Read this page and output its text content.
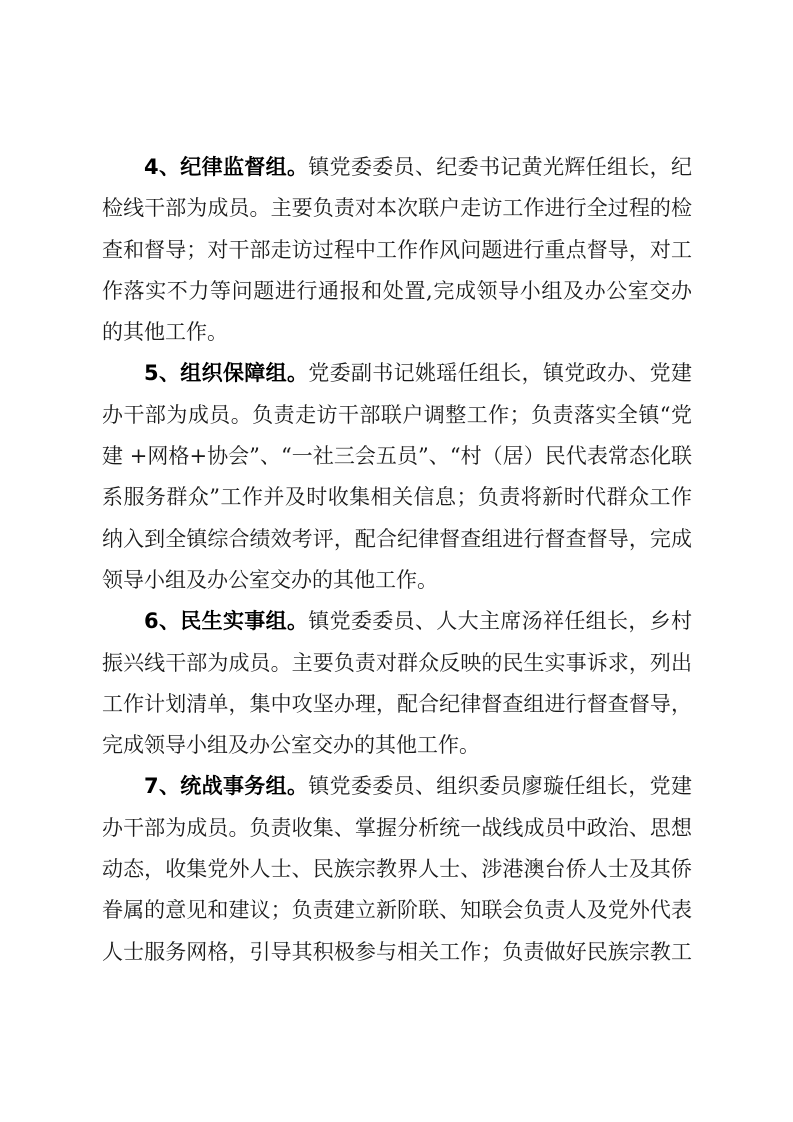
4、纪律监督组。镇党委委员、纪委书记黄光辉任组长，纪
检线干部为成员。主要负责对本次联户走访工作进行全过程的检
查和督导；对干部走访过程中工作作风问题进行重点督导，对工
作落实不力等问题进行通报和处置,完成领导小组及办公室交办
的其他工作。
5、组织保障组。党委副书记姚瑶任组长，镇党政办、党建
办干部为成员。负责走访干部联户调整工作；负责落实全镇“党
建 +网格+协会”、“一社三会五员”、“村（居）民代表常态化联
系服务群众”工作并及时收集相关信息；负责将新时代群众工作
纳入到全镇综合绩效考评，配合纪律督查组进行督查督导，完成
领导小组及办公室交办的其他工作。
6、民生实事组。镇党委委员、人大主席汤祥任组长，乡村
振兴线干部为成员。主要负责对群众反映的民生实事诉求，列出
工作计划清单，集中攻坚办理，配合纪律督查组进行督查督导，
完成领导小组及办公室交办的其他工作。
7、统战事务组。镇党委委员、组织委员廖璇任组长，党建
办干部为成员。负责收集、掌握分析统一战线成员中政治、思想
动态，收集党外人士、民族宗教界人士、涉港澳台侨人士及其侨
眷属的意见和建议；负责建立新阶联、知联会负责人及党外代表
人士服务网格，引导其积极参与相关工作；负责做好民族宗教工
